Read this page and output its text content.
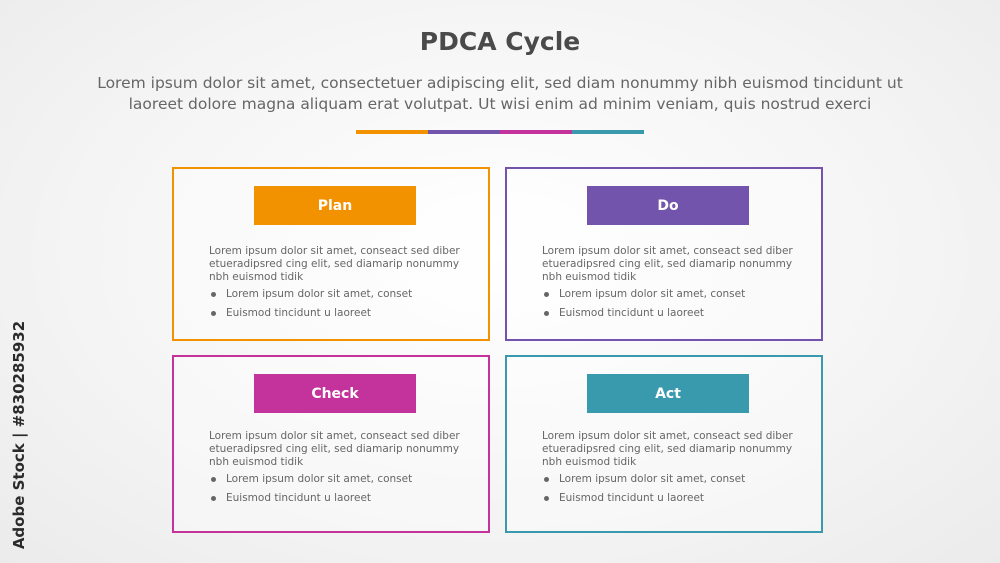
PDCA Cycle
Lorem ipsum dolor sit amet, consectetuer adipiscing elit, sed diam nonummy nibh euismod tincidunt ut
laoreet dolore magna aliquam erat volutpat. Ut wisi enim ad minim veniam, quis nostrud exerci
Plan
Lorem ipsum dolor sit amet, conseact sed diber
etueradipsred cing elit, sed diamarip nonummy
nbh euismod tidik
Lorem ipsum dolor sit amet, conset
Euismod tincidunt u laoreet
Do
Lorem ipsum dolor sit amet, conseact sed diber
etueradipsred cing elit, sed diamarip nonummy
nbh euismod tidik
Lorem ipsum dolor sit amet, conset
Euismod tincidunt u laoreet
Check
Lorem ipsum dolor sit amet, conseact sed diber
etueradipsred cing elit, sed diamarip nonummy
nbh euismod tidik
Lorem ipsum dolor sit amet, conset
Euismod tincidunt u laoreet
Act
Lorem ipsum dolor sit amet, conseact sed diber
etueradipsred cing elit, sed diamarip nonummy
nbh euismod tidik
Lorem ipsum dolor sit amet, conset
Euismod tincidunt u laoreet
Adobe Stock | #830285932
